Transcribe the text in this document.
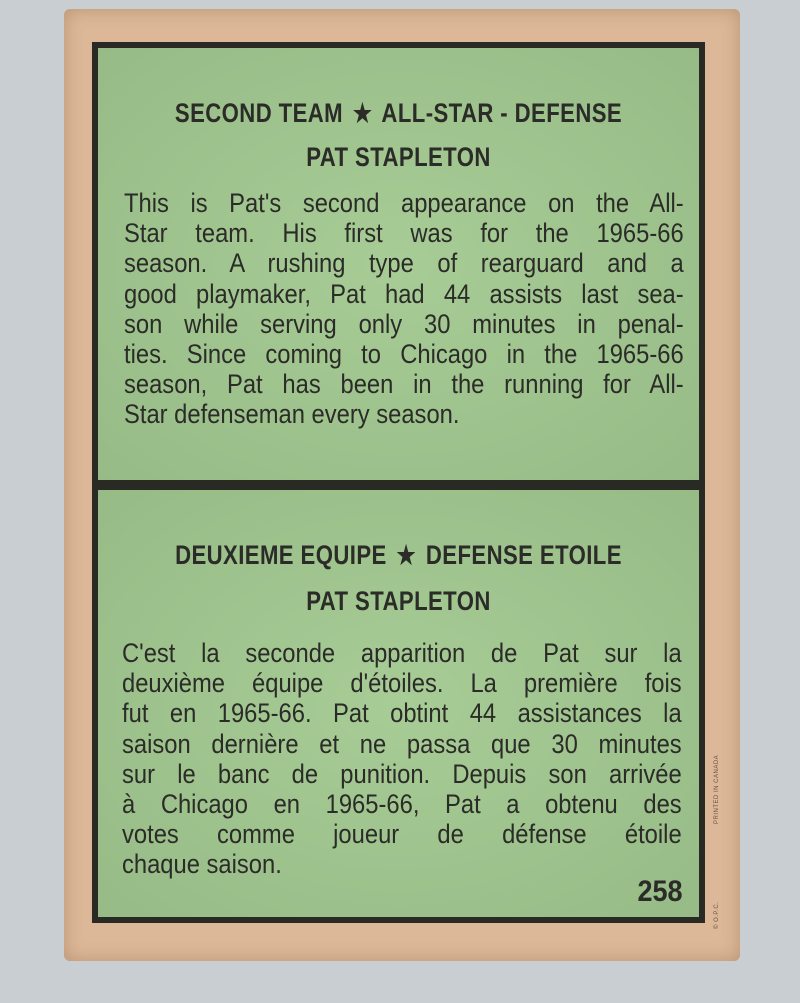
SECOND TEAM ★ ALL-STAR - DEFENSE
PAT STAPLETON
This is Pat's second appearance on the All-
Star team. His first was for the 1965-66
season. A rushing type of rearguard and a
good playmaker, Pat had 44 assists last sea-
son while serving only 30 minutes in penal-
ties. Since coming to Chicago in the 1965-66
season, Pat has been in the running for All-
Star defenseman every season.
DEUXIEME EQUIPE ★ DEFENSE ETOILE
PAT STAPLETON
C'est la seconde apparition de Pat sur la
deuxième équipe d'étoiles. La première fois
fut en 1965-66. Pat obtint 44 assistances la
saison dernière et ne passa que 30 minutes
sur le banc de punition. Depuis son arrivée
à Chicago en 1965-66, Pat a obtenu des
votes comme joueur de défense étoile
chaque saison.
258
PRINTED IN CANADA
© O.P.C.
